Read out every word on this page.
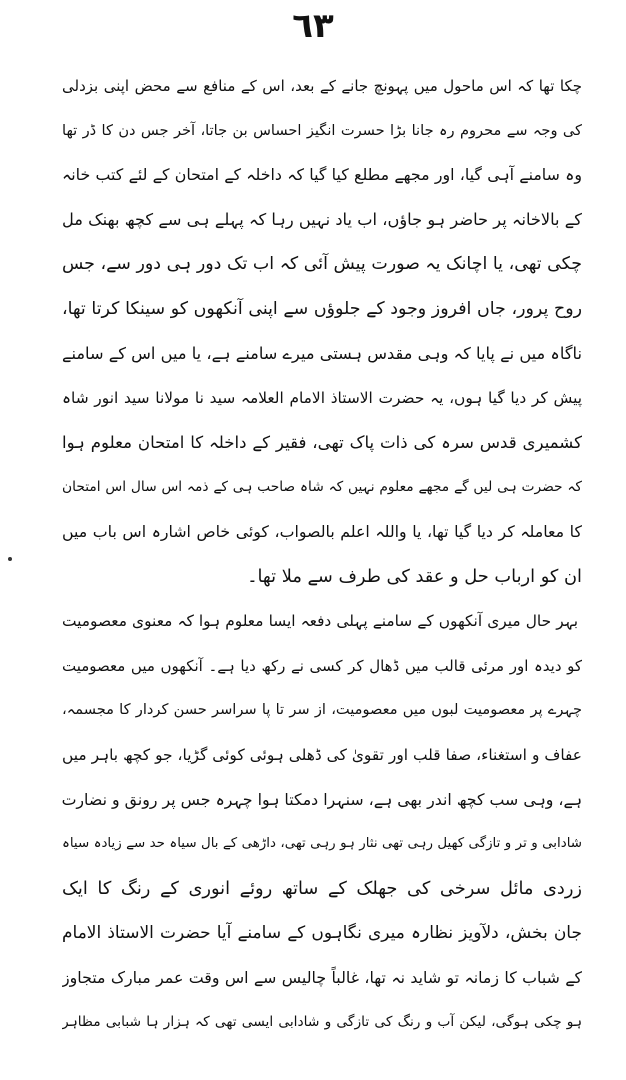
٦٣
چکا تھا کہ اس ماحول میں پہونچ جانے کے بعد، اس کے منافع سے محض اپنی بزدلی
کی وجہ سے محروم رہ جانا بڑا حسرت انگیز احساس بن جاتا، آخر جس دن کا ڈر تھا
وہ سامنے آہی گیا، اور مجھے مطلع کیا گیا کہ داخلہ کے امتحان کے لئے کتب خانہ
کے بالاخانہ پر حاضر ہو جاؤں، اب یاد نہیں رہا کہ پہلے ہی سے کچھ بھنک مل
چکی تھی، یا اچانک یہ صورت پیش آئی کہ اب تک دور ہی دور سے، جس
روح پرور، جاں افروز وجود کے جلوؤں سے اپنی آنکھوں کو سینکا کرتا تھا،
ناگاہ میں نے پایا کہ وہی مقدس ہستی میرے سامنے ہے، یا میں اس کے سامنے
پیش کر دیا گیا ہوں، یہ حضرت الاستاذ الامام العلامہ سید نا مولانا سید انور شاہ
کشمیری قدس سرہ کی ذات پاک تھی، فقیر کے داخلہ کا امتحان معلوم ہوا
کہ حضرت ہی لیں گے مجھے معلوم نہیں کہ شاہ صاحب ہی کے ذمہ اس سال اس امتحان
کا معاملہ کر دیا گیا تھا، یا واللہ اعلم بالصواب، کوئی خاص اشارہ اس باب میں
ان کو ارباب حل و عقد کی طرف سے ملا تھا۔
بہر حال میری آنکھوں کے سامنے پہلی دفعہ ایسا معلوم ہوا کہ معنوی معصومیت
کو دیدہ اور مرئی قالب میں ڈھال کر کسی نے رکھ دیا ہے۔ آنکھوں میں معصومیت
چہرے پر معصومیت لبوں میں معصومیت، از سر تا پا سراسر حسن کردار کا مجسمہ،
عفاف و استغناء، صفا قلب اور تقویٰ کی ڈھلی ہوئی کوئی گڑیا، جو کچھ باہر میں
ہے، وہی سب کچھ اندر بھی ہے، سنہرا دمکتا ہوا چہرہ جس پر رونق و نضارت
شادابی و تر و تازگی کھیل رہی تھی نثار ہو رہی تھی، داڑھی کے بال سیاہ حد سے زیادہ سیاہ
زردی مائل سرخی کی جھلک کے ساتھ روئے انوری کے رنگ کا ایک
جان بخش، دلآویز نظارہ میری نگاہوں کے سامنے آیا حضرت الاستاذ الامام
کے شباب کا زمانہ تو شاید نہ تھا، غالباً چالیس سے اس وقت عمر مبارک متجاوز
ہو چکی ہوگی، لیکن آب و رنگ کی تازگی و شادابی ایسی تھی کہ ہزار ہا شبابی مظاہر
